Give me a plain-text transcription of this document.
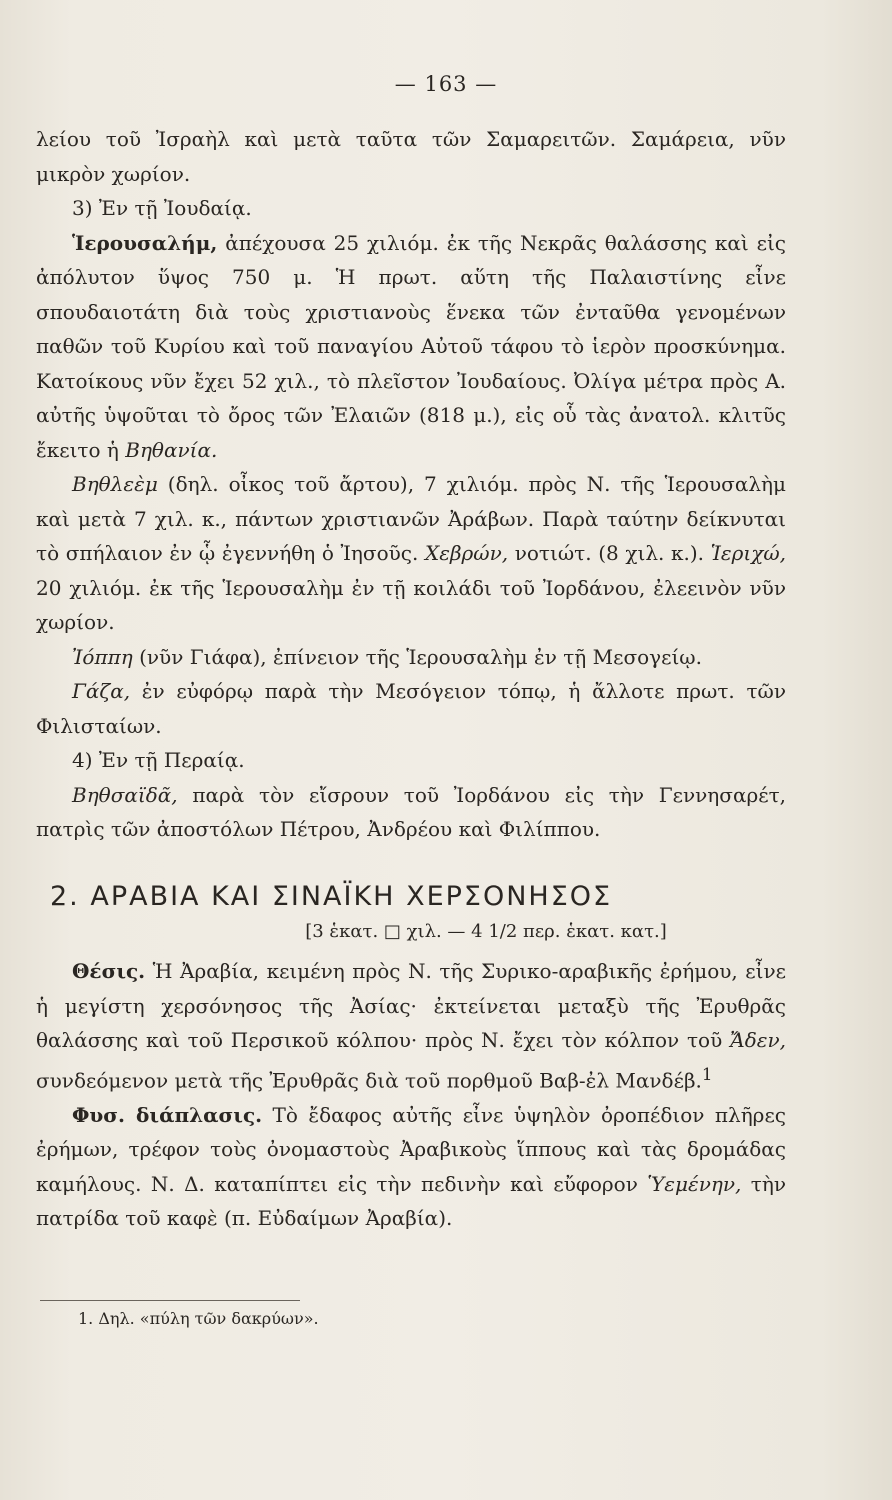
— 163 —

λείου τοῦ Ἰσραὴλ καὶ μετὰ ταῦτα τῶν Σαμαρειτῶν. Σαμάρεια, νῦν μικρὸν χωρίον.

3) Ἐν τῇ Ἰουδαίᾳ.

Ἱερουσαλήμ, ἀπέχουσα 25 χιλιόμ. ἐκ τῆς Νεκρᾶς θαλάσσης καὶ εἰς ἀπόλυτον ὕψος 750 μ. Ἡ πρωτ. αὕτη τῆς Παλαιστίνης εἶνε σπουδαιοτάτη διὰ τοὺς χριστιανοὺς ἕνεκα τῶν ἐνταῦθα γενομένων παθῶν τοῦ Κυρίου καὶ τοῦ παναγίου Αὐτοῦ τάφου τὸ ἱερὸν προσκύνημα. Κατοίκους νῦν ἔχει 52 χιλ., τὸ πλεῖστον Ἰουδαίους. Ὀλίγα μέτρα πρὸς Α. αὐτῆς ὑψοῦται τὸ ὄρος τῶν Ἐλαιῶν (818 μ.), εἰς οὗ τὰς ἀνατολ. κλιτῦς ἔκειτο ἡ Βηθανία.

Βηθλεὲμ (δηλ. οἶκος τοῦ ἄρτου), 7 χιλιόμ. πρὸς Ν. τῆς Ἱερουσαλὴμ καὶ μετὰ 7 χιλ. κ., πάντων χριστιανῶν Ἀράβων. Παρὰ ταύτην δείκνυται τὸ σπήλαιον ἐν ᾧ ἐγεννήθη ὁ Ἰησοῦς. Χεβρών, νοτιώτ. (8 χιλ. κ.). Ἱεριχώ, 20 χιλιόμ. ἐκ τῆς Ἱερουσαλὴμ ἐν τῇ κοιλάδι τοῦ Ἰορδάνου, ἐλεεινὸν νῦν χωρίον.

Ἰόππη (νῦν Γιάφα), ἐπίνειον τῆς Ἱερουσαλὴμ ἐν τῇ Μεσογείῳ.

Γάζα, ἐν εὐφόρῳ παρὰ τὴν Μεσόγειον τόπῳ, ἡ ἄλλοτε πρωτ. τῶν Φιλισταίων.

4) Ἐν τῇ Περαίᾳ.

Βηθσαϊδᾶ, παρὰ τὸν εἴσρουν τοῦ Ἰορδάνου εἰς τὴν Γεννησαρέτ, πατρὶς τῶν ἀποστόλων Πέτρου, Ἀνδρέου καὶ Φιλίππου.

2. ΑΡΑΒΙΑ ΚΑΙ ΣΙΝΑΪΚΗ ΧΕΡΣΟΝΗΣΟΣ
[3 ἑκατ. □ χιλ. — 4 1/2 περ. ἑκατ. κατ.]

Θέσις. Ἡ Ἀραβία, κειμένη πρὸς Ν. τῆς Συρικο-αραβικῆς ἐρήμου, εἶνε ἡ μεγίστη χερσόνησος τῆς Ἀσίας· ἐκτείνεται μεταξὺ τῆς Ἐρυθρᾶς θαλάσσης καὶ τοῦ Περσικοῦ κόλπου· πρὸς Ν. ἔχει τὸν κόλπον τοῦ Ἄδεν, συνδεόμενον μετὰ τῆς Ἐρυθρᾶς διὰ τοῦ πορθμοῦ Βαβ-ἐλ Μανδέβ.$^1$

Φυσ. διάπλασις. Τὸ ἔδαφος αὐτῆς εἶνε ὑψηλὸν ὀροπέδιον πλῆρες ἐρήμων, τρέφον τοὺς ὀνομαστοὺς Ἀραβικοὺς ἵππους καὶ τὰς δρομάδας καμήλους. Ν. Δ. καταπίπτει εἰς τὴν πεδινὴν καὶ εὔφορον Ὑεμένην, τὴν πατρίδα τοῦ καφὲ (π. Εὐδαίμων Ἀραβία).

1. Δηλ. «πύλη τῶν δακρύων».
